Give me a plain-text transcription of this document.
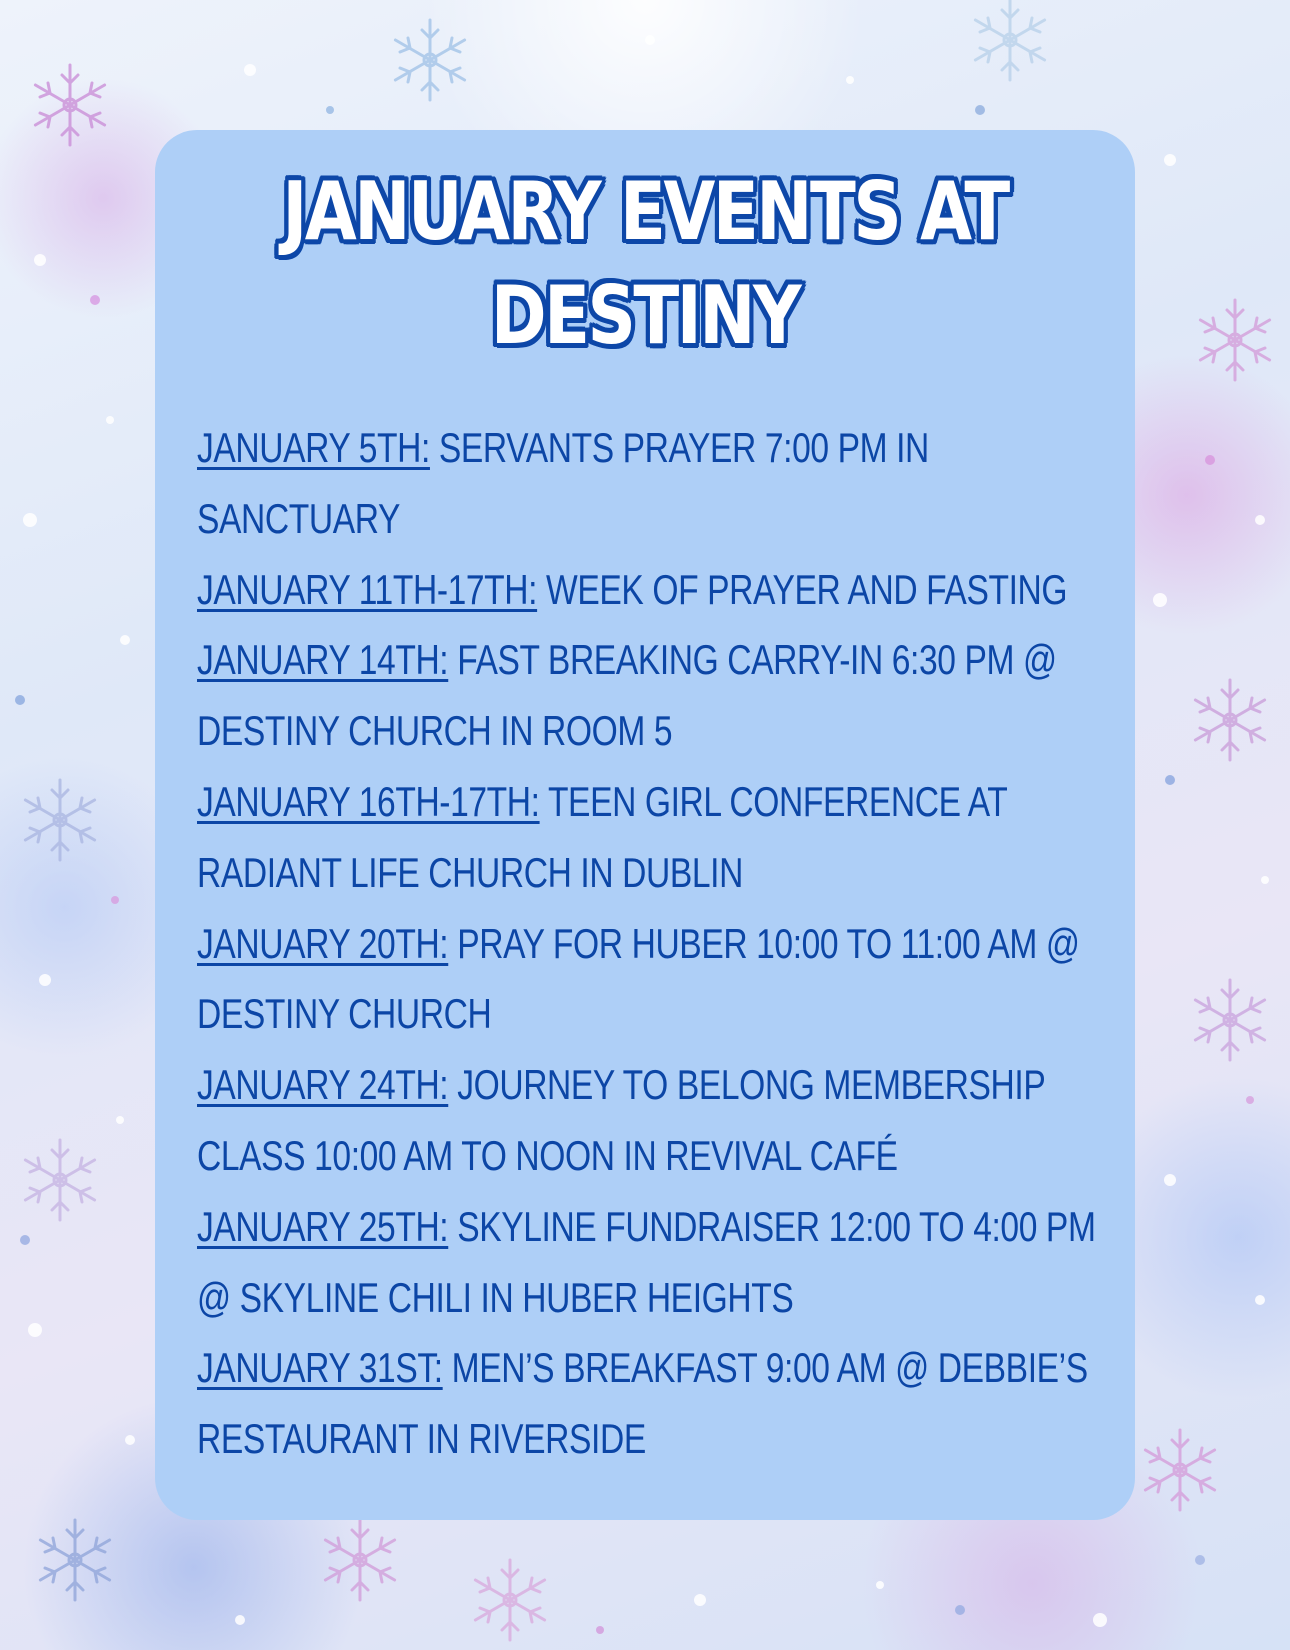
JANUARY EVENTS AT
DESTINY
JANUARY 5TH: SERVANTS PRAYER 7:00 PM IN SANCTUARY
JANUARY 11TH-17TH: WEEK OF PRAYER AND FASTING
JANUARY 14TH: FAST BREAKING CARRY-IN 6:30 PM @ DESTINY CHURCH IN ROOM 5
JANUARY 16TH-17TH: TEEN GIRL CONFERENCE AT RADIANT LIFE CHURCH IN DUBLIN
JANUARY 20TH: PRAY FOR HUBER 10:00 TO 11:00 AM @ DESTINY CHURCH
JANUARY 24TH: JOURNEY TO BELONG MEMBERSHIP CLASS 10:00 AM TO NOON IN REVIVAL CAFÉ
JANUARY 25TH: SKYLINE FUNDRAISER 12:00 TO 4:00 PM @ SKYLINE CHILI IN HUBER HEIGHTS
JANUARY 31ST: MEN’S BREAKFAST 9:00 AM @ DEBBIE’S RESTAURANT IN RIVERSIDE
